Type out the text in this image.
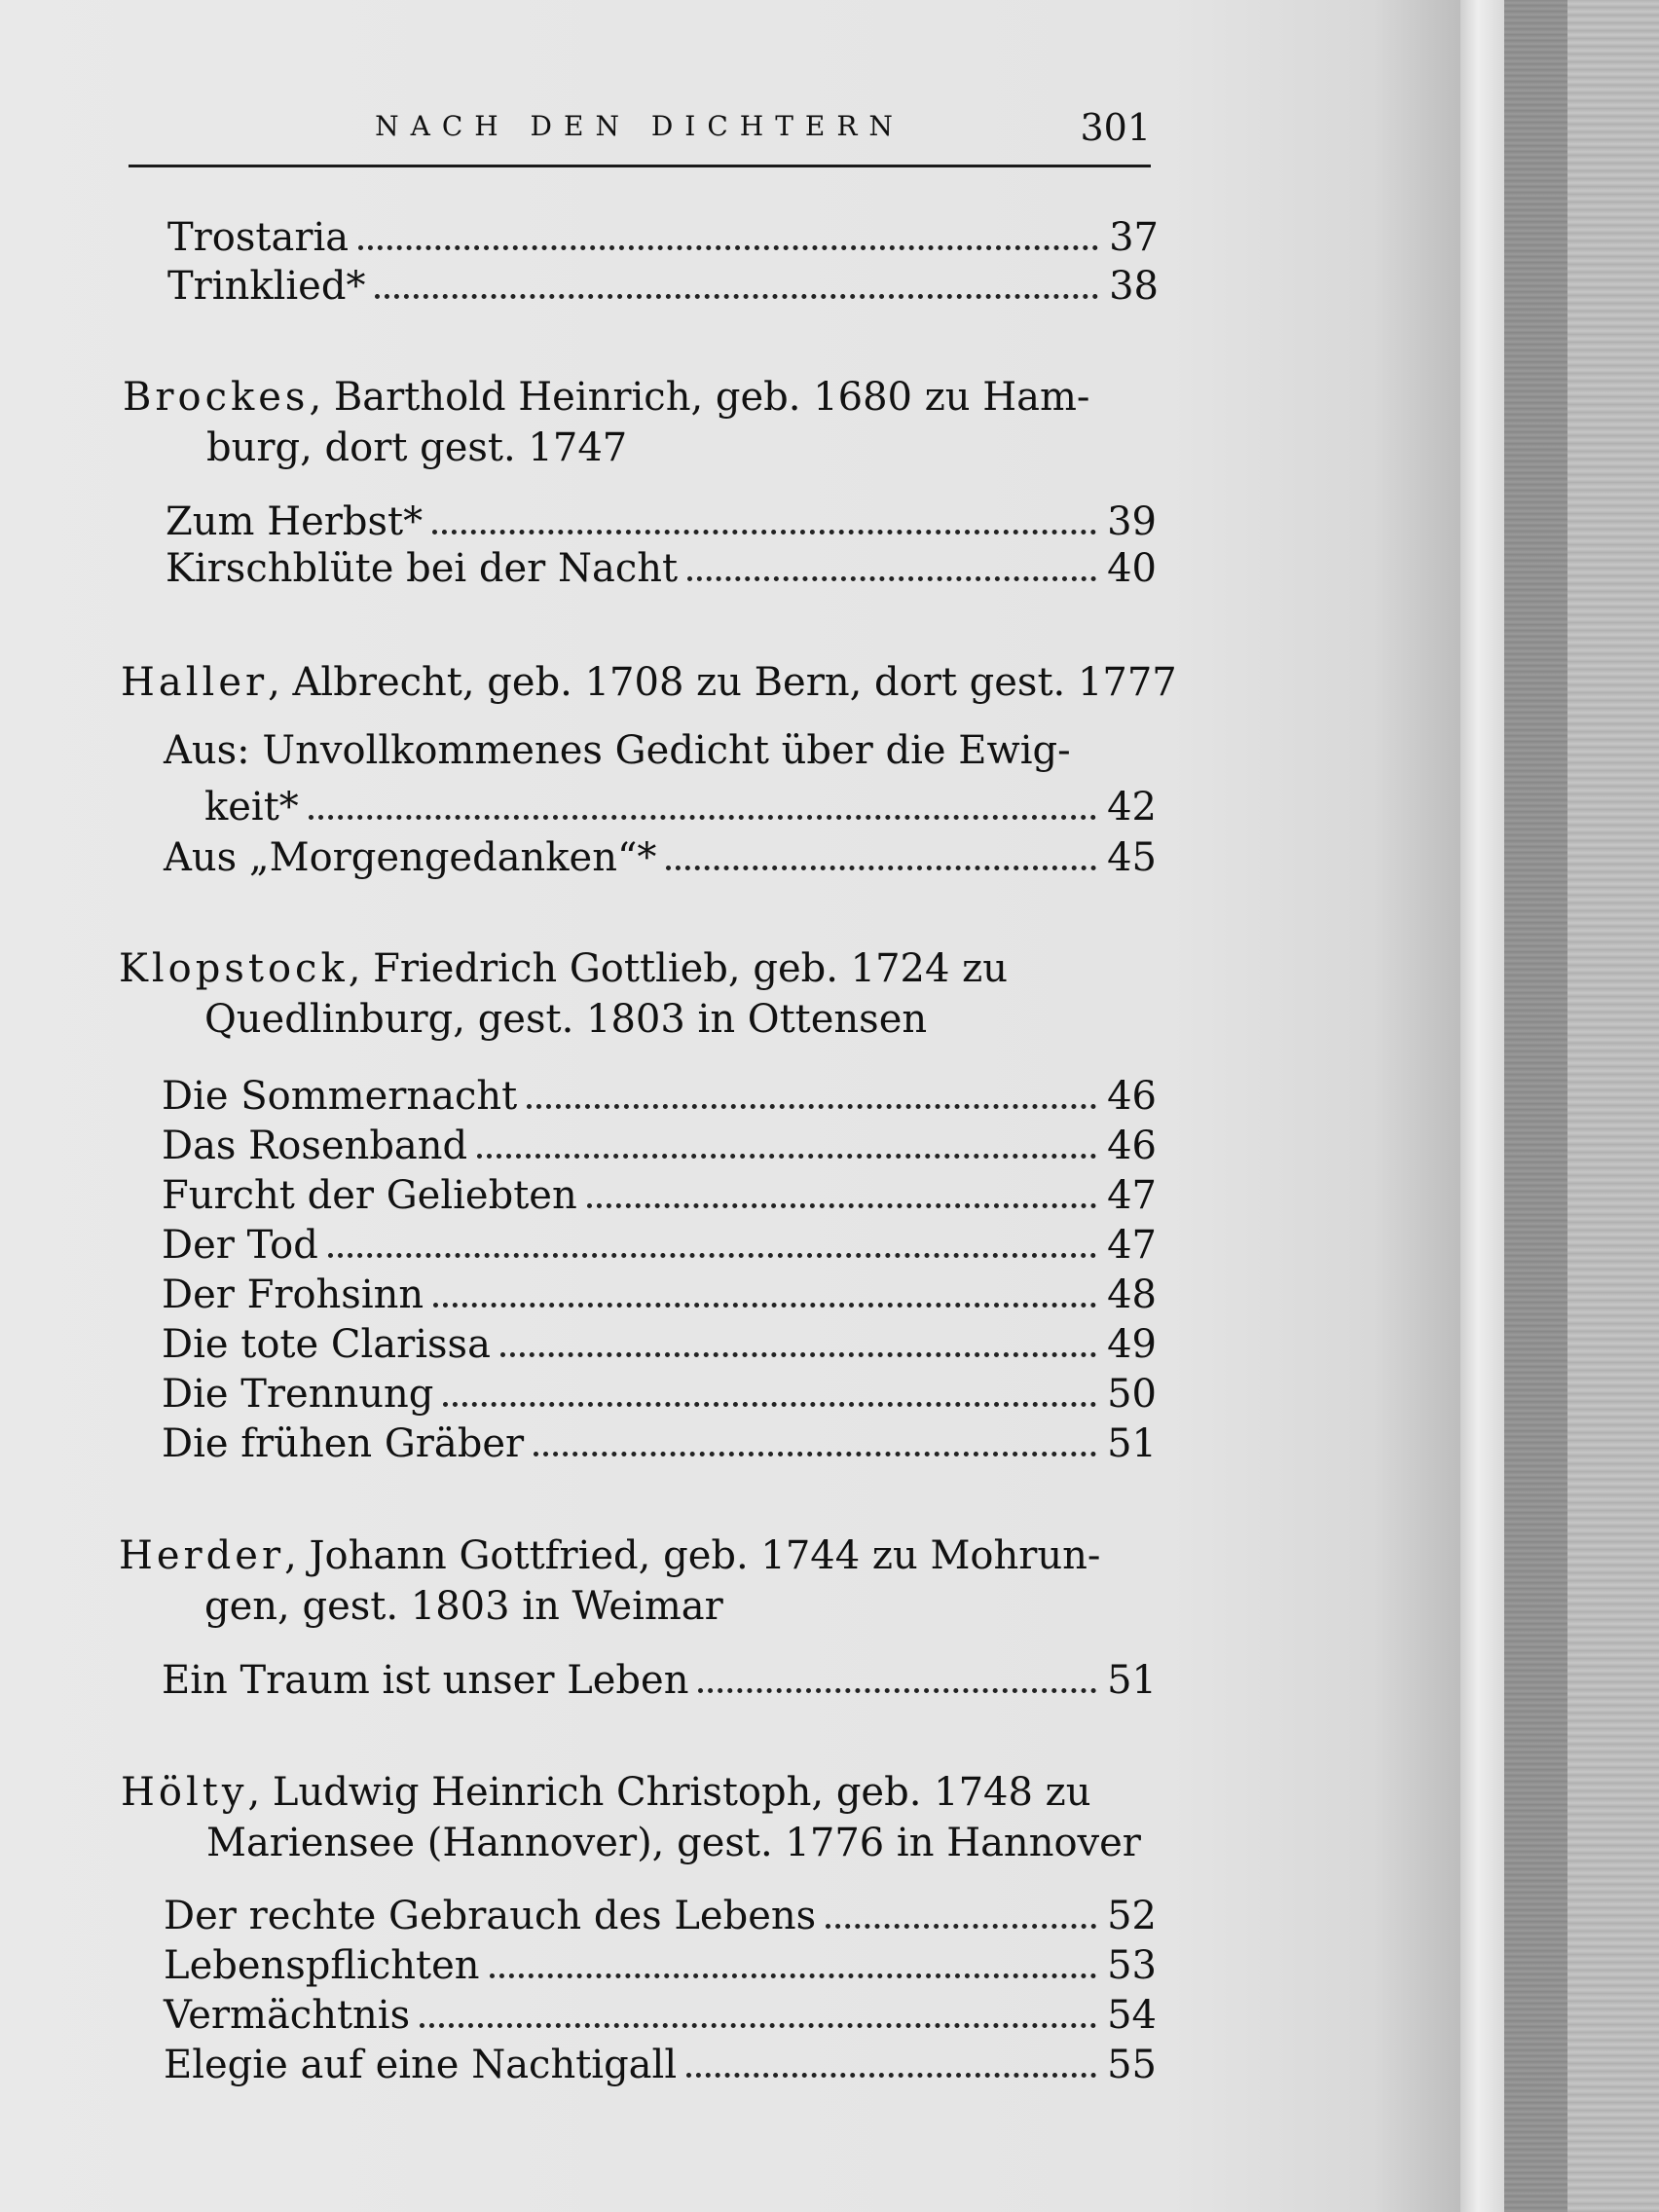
NACH DEN DICHTERN	301
Trostaria	37
Trinklied*	38
Brockes, Barthold Heinrich, geb. 1680 zu Ham-
burg, dort gest. 1747
Zum Herbst*	39
Kirschblüte bei der Nacht	40
Haller, Albrecht, geb. 1708 zu Bern, dort gest. 1777
Aus: Unvollkommenes Gedicht über die Ewig-
keit*	42
Aus „Morgengedanken“*	45
Klopstock, Friedrich Gottlieb, geb. 1724 zu
Quedlinburg, gest. 1803 in Ottensen
Die Sommernacht	46
Das Rosenband	46
Furcht der Geliebten	47
Der Tod	47
Der Frohsinn	48
Die tote Clarissa	49
Die Trennung	50
Die frühen Gräber	51
Herder, Johann Gottfried, geb. 1744 zu Mohrun-
gen, gest. 1803 in Weimar
Ein Traum ist unser Leben	51
Hölty, Ludwig Heinrich Christoph, geb. 1748 zu
Mariensee (Hannover), gest. 1776 in Hannover
Der rechte Gebrauch des Lebens	52
Lebenspflichten	53
Vermächtnis	54
Elegie auf eine Nachtigall	55
